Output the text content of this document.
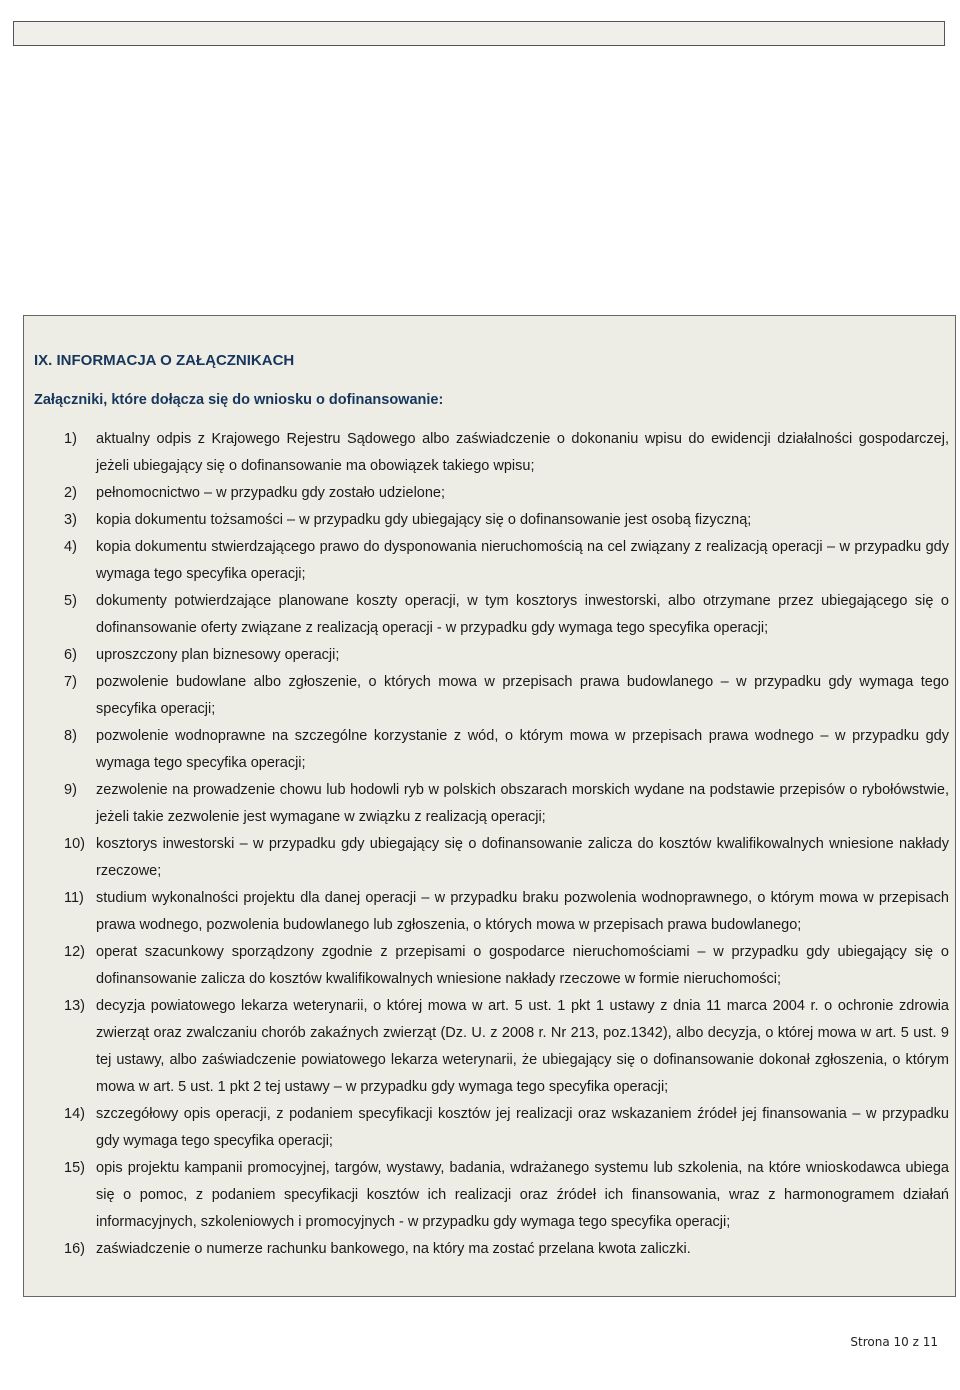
IX. INFORMACJA O ZAŁĄCZNIKACH

Załączniki, które dołącza się do wniosku o dofinansowanie:

1) aktualny odpis z Krajowego Rejestru Sądowego albo zaświadczenie o dokonaniu wpisu do ewidencji działalności gospodarczej, jeżeli ubiegający się o dofinansowanie ma obowiązek takiego wpisu;
2) pełnomocnictwo – w przypadku gdy zostało udzielone;
3) kopia dokumentu tożsamości – w przypadku gdy ubiegający się o dofinansowanie jest osobą fizyczną;
4) kopia dokumentu stwierdzającego prawo do dysponowania nieruchomością na cel związany z realizacją operacji – w przypadku gdy wymaga tego specyfika operacji;
5) dokumenty potwierdzające planowane koszty operacji, w tym kosztorys inwestorski, albo otrzymane przez ubiegającego się o dofinansowanie oferty związane z realizacją operacji - w przypadku gdy wymaga tego specyfika operacji;
6) uproszczony plan biznesowy operacji;
7) pozwolenie budowlane albo zgłoszenie, o których mowa w przepisach prawa budowlanego – w przypadku gdy wymaga tego specyfika operacji;
8) pozwolenie wodnoprawne na szczególne korzystanie z wód, o którym mowa w przepisach prawa wodnego – w przypadku gdy wymaga tego specyfika operacji;
9) zezwolenie na prowadzenie chowu lub hodowli ryb w polskich obszarach morskich wydane na podstawie przepisów o rybołówstwie, jeżeli takie zezwolenie jest wymagane w związku z realizacją operacji;
10) kosztorys inwestorski – w przypadku gdy ubiegający się o dofinansowanie zalicza do kosztów kwalifikowalnych wniesione nakłady rzeczowe;
11) studium wykonalności projektu dla danej operacji – w przypadku braku pozwolenia wodnoprawnego, o którym mowa w przepisach prawa wodnego, pozwolenia budowlanego lub zgłoszenia, o których mowa w przepisach prawa budowlanego;
12) operat szacunkowy sporządzony zgodnie z przepisami o gospodarce nieruchomościami – w przypadku gdy ubiegający się o dofinansowanie zalicza do kosztów kwalifikowalnych wniesione nakłady rzeczowe w formie nieruchomości;
13) decyzja powiatowego lekarza weterynarii, o której mowa w art. 5 ust. 1 pkt 1 ustawy z dnia 11 marca 2004 r. o ochronie zdrowia zwierząt oraz zwalczaniu chorób zakaźnych zwierząt (Dz. U. z 2008 r. Nr 213, poz.1342), albo decyzja, o której mowa w art. 5 ust. 9 tej ustawy, albo zaświadczenie powiatowego lekarza weterynarii, że ubiegający się o dofinansowanie dokonał zgłoszenia, o którym mowa w art. 5 ust. 1 pkt 2 tej ustawy – w przypadku gdy wymaga tego specyfika operacji;
14) szczegółowy opis operacji, z podaniem specyfikacji kosztów jej realizacji oraz wskazaniem źródeł jej finansowania – w przypadku gdy wymaga tego specyfika operacji;
15) opis projektu kampanii promocyjnej, targów, wystawy, badania, wdrażanego systemu lub szkolenia, na które wnioskodawca ubiega się o pomoc, z podaniem specyfikacji kosztów ich realizacji oraz źródeł ich finansowania, wraz z harmonogramem działań informacyjnych, szkoleniowych i promocyjnych - w przypadku gdy wymaga tego specyfika operacji;
16) zaświadczenie o numerze rachunku bankowego, na który ma zostać przelana kwota zaliczki.
Strona 10 z 11
